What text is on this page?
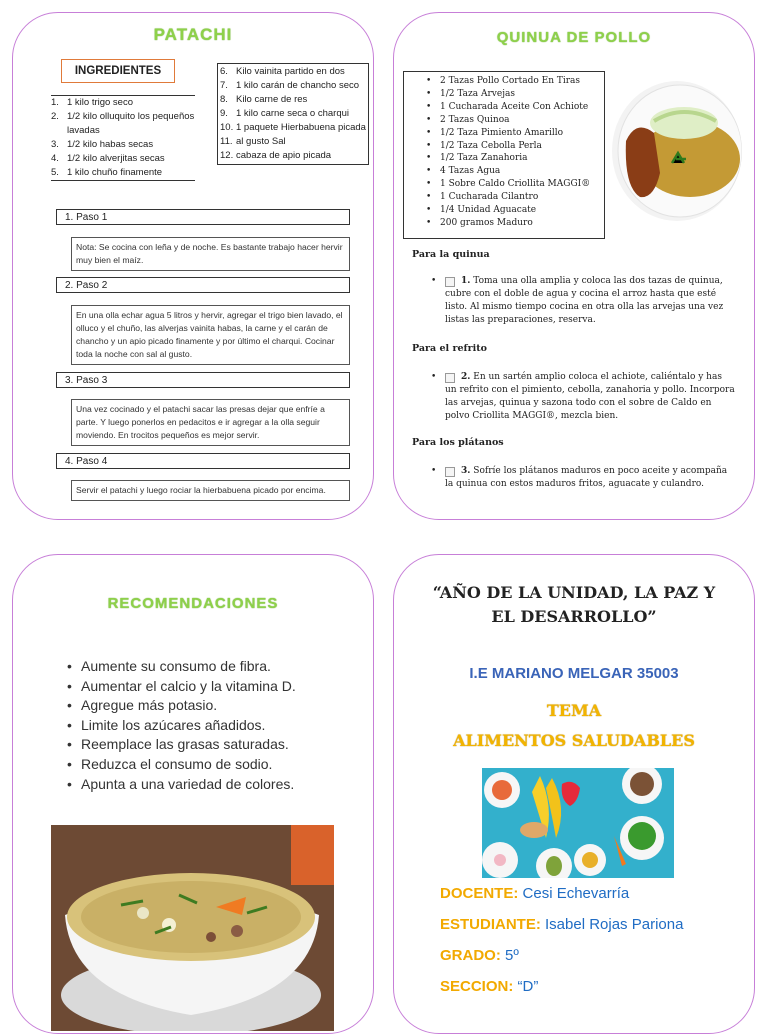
PATACHI
INGREDIENTES
1. 1 kilo trigo seco
2. 1/2 kilo olluquito los pequeños lavadas
3. 1/2 kilo habas secas
4. 1/2 kilo alverjitas secas
5. 1 kilo chuño finamente
6. Kilo vainita partido en dos
7. 1 kilo carán de chancho seco
8. Kilo carne de res
9. 1 kilo carne seca o charqui
10. 1 paquete Hierbabuena picada
11. al gusto Sal
12. cabaza de apio picada
1. Paso 1
Nota: Se cocina con leña y de noche. Es bastante trabajo hacer hervir muy bien el maíz.
2. Paso 2
En una olla echar agua 5 litros y hervir, agregar el trigo bien lavado, el olluco y el chuño, las alverjas vainita habas, la carne y el carán de chancho y un apio picado finamente y por último el charqui. Cocinar toda la noche con sal al gusto.
3. Paso 3
Una vez cocinado y el patachi sacar las presas dejar que enfríe a parte. Y luego ponerlos en pedacitos e ir agregar a la olla seguir moviendo. En trocitos pequeños es mejor servir.
4. Paso 4
Servir el patachi y luego rociar la hierbabuena picado por encima.
QUINUA DE POLLO
• 2 Tazas Pollo Cortado En Tiras
• 1/2 Taza Arvejas
• 1 Cucharada Aceite Con Achiote
• 2 Tazas Quinoa
• 1/2 Taza Pimiento Amarillo
• 1/2 Taza Cebolla Perla
• 1/2 Taza Zanahoria
• 4 Tazas Agua
• 1 Sobre Caldo Criollita MAGGI®
• 1 Cucharada Cilantro
• 1/4 Unidad Aguacate
• 200 gramos Maduro
Para la quinua
•	1. Toma una olla amplia y coloca las dos tazas de quinua, cubre con el doble de agua y cocina el arroz hasta que esté listo. Al mismo tiempo cocina en otra olla las arvejas una vez listas las preparaciones, reserva.
Para el refrito
•	2. En un sartén amplio coloca el achiote, caliéntalo y has un refrito con el pimiento, cebolla, zanahoria y pollo. Incorpora las arvejas, quinua y sazona todo con el sobre de Caldo en polvo Criollita MAGGI®, mezcla bien.
Para los plátanos
•	3. Sofríe los plátanos maduros en poco aceite y acompaña la quinua con estos maduros fritos, aguacate y culandro.
RECOMENDACIONES
• Aumente su consumo de fibra.
• Aumentar el calcio y la vitamina D.
• Agregue más potasio.
• Limite los azúcares añadidos.
• Reemplace las grasas saturadas.
• Reduzca el consumo de sodio.
• Apunta a una variedad de colores.
“AÑO DE LA UNIDAD, LA PAZ Y
EL DESARROLLO”
I.E MARIANO MELGAR 35003
TEMA
ALIMENTOS SALUDABLES
DOCENTE: Cesi Echevarría
ESTUDIANTE: Isabel Rojas Pariona
GRADO: 5º
SECCION: “D”
